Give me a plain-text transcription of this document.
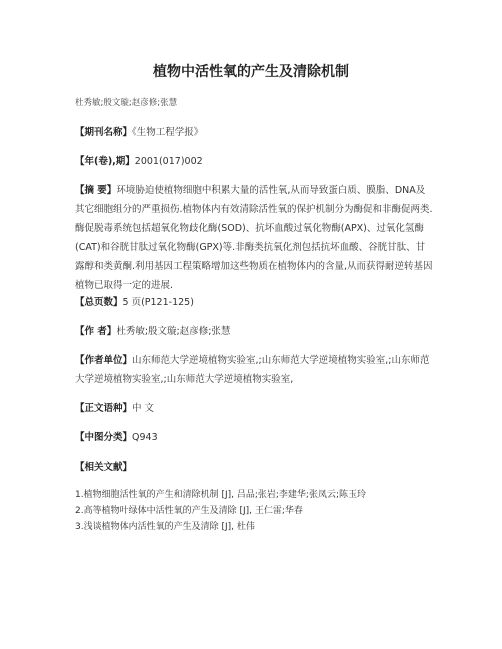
植物中活性氧的产生及清除机制
杜秀敏;殷文璇;赵彦修;张慧
【期刊名称】《生物工程学报》
【年(卷),期】2001(017)002
【摘 要】环境胁迫使植物细胞中积累大量的活性氧,从而导致蛋白质、膜脂、DNA及其它细胞组分的严重损伤.植物体内有效清除活性氧的保护机制分为酶促和非酶促两类.酶促脱毒系统包括超氧化物歧化酶(SOD)、抗坏血酸过氧化物酶(APX)、过氧化氢酶(CAT)和谷胱甘肽过氧化物酶(GPX)等.非酶类抗氧化剂包括抗坏血酸、谷胱甘肽、甘露醇和类黄酮.利用基因工程策略增加这些物质在植物体内的含量,从而获得耐逆转基因植物已取得一定的进展.
【总页数】5 页(P121-125)
【作 者】杜秀敏;殷文璇;赵彦修;张慧
【作者单位】山东师范大学逆境植物实验室,;山东师范大学逆境植物实验室,;山东师范大学逆境植物实验室,;山东师范大学逆境植物实验室,
【正文语种】中 文
【中图分类】Q943
【相关文献】
1.植物细胞活性氧的产生和清除机制 [J], 吕品;张岩;李建华;张凤云;陈玉玲
2.高等植物叶绿体中活性氧的产生及清除 [J], 王仁雷;华春
3.浅谈植物体内活性氧的产生及清除 [J], 杜伟
